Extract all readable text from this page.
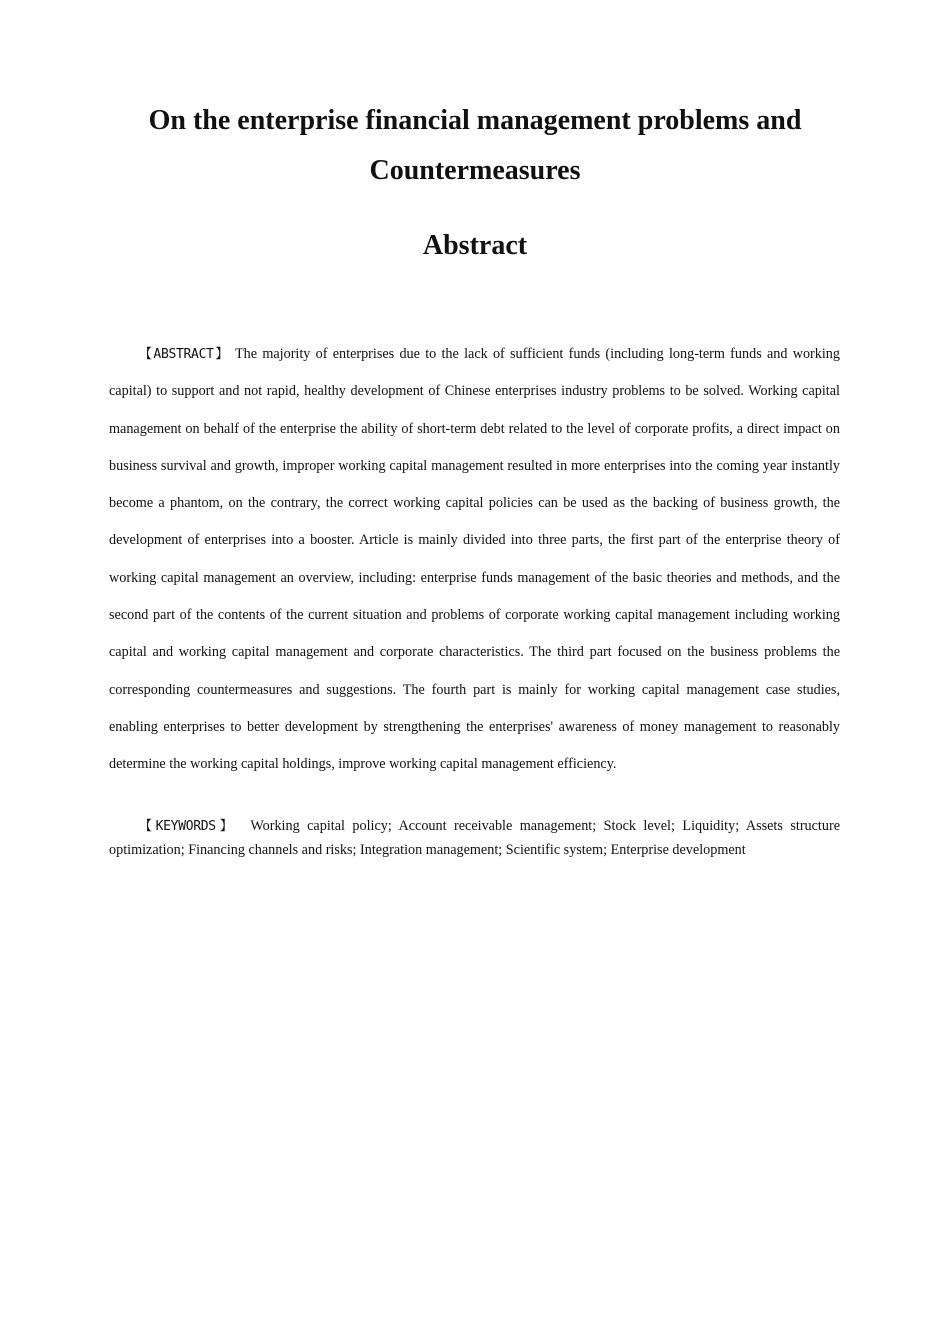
On the enterprise financial management problems and
Countermeasures
Abstract

【ABSTRACT】 The majority of enterprises due to the lack of sufficient funds (including long-term funds and working capital) to support and not rapid, healthy development of Chinese enterprises industry problems to be solved. Working capital management on behalf of the enterprise the ability of short-term debt related to the level of corporate profits, a direct impact on business survival and growth, improper working capital management resulted in more enterprises into the coming year instantly become a phantom, on the contrary, the correct working capital policies can be used as the backing of business growth, the development of enterprises into a booster. Article is mainly divided into three parts, the first part of the enterprise theory of working capital management an overview, including: enterprise funds management of the basic theories and methods, and the second part of the contents of the current situation and problems of corporate working capital management including working capital and working capital management and corporate characteristics. The third part focused on the business problems the corresponding countermeasures and suggestions. The fourth part is mainly for working capital management case studies, enabling enterprises to better development by strengthening the enterprises' awareness of money management to reasonably determine the working capital holdings, improve working capital management efficiency.

【KEYWORDS】 Working capital policy; Account receivable management; Stock level; Liquidity; Assets structure optimization; Financing channels and risks; Integration management; Scientific system; Enterprise development
